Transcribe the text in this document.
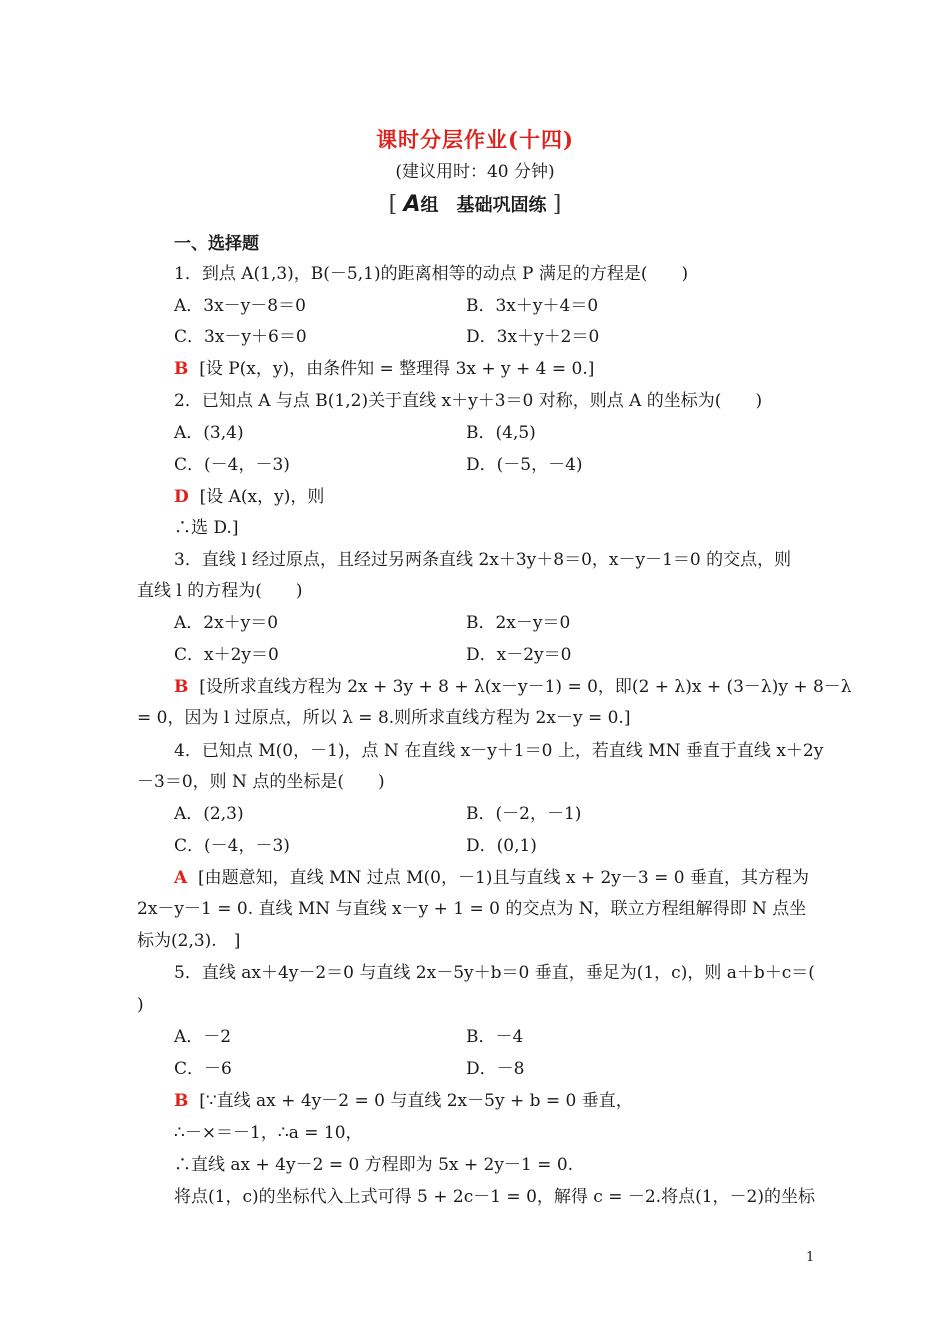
课时分层作业(十四)
(建议用时：40 分钟)
[ A组　基础巩固练 ]
一、选择题
1．到点 A(1,3)，B(－5,1)的距离相等的动点 P 满足的方程是(　　)
A．3x－y－8＝0	B．3x＋y＋4＝0
C．3x－y＋6＝0	D．3x＋y＋2＝0
B [设 P(x，y)，由条件知 = 整理得 3x + y + 4 = 0.]
2．已知点 A 与点 B(1,2)关于直线 x＋y＋3＝0 对称，则点 A 的坐标为(　　)
A．(3,4)	B．(4,5)
C．(－4，－3)	D．(－5，－4)
D [设 A(x，y)，则
∴选 D.]
3．直线 l 经过原点，且经过另两条直线 2x＋3y＋8＝0，x－y－1＝0 的交点，则
直线 l 的方程为(　　)
A．2x＋y＝0	B．2x－y＝0
C．x＋2y＝0	D．x－2y＝0
B [设所求直线方程为 2x + 3y + 8 + λ(x－y－1) = 0，即(2 + λ)x + (3－λ)y + 8－λ
= 0，因为 l 过原点，所以 λ = 8.则所求直线方程为 2x－y = 0.]
4．已知点 M(0，－1)，点 N 在直线 x－y＋1＝0 上，若直线 MN 垂直于直线 x＋2y
－3＝0，则 N 点的坐标是(　　)
A．(2,3)	B．(－2，－1)
C．(－4，－3)	D．(0,1)
A [由题意知，直线 MN 过点 M(0，－1)且与直线 x + 2y－3 = 0 垂直，其方程为
2x－y－1 = 0. 直线 MN 与直线 x－y + 1 = 0 的交点为 N，联立方程组解得即 N 点坐
标为(2,3).　]
5．直线 ax＋4y－2＝0 与直线 2x－5y＋b＝0 垂直，垂足为(1，c)，则 a＋b＋c＝(
)
A．－2	B．－4
C．－6	D．－8
B [∵直线 ax + 4y－2 = 0 与直线 2x－5y + b = 0 垂直，
∴－×＝－1，∴a = 10，
∴直线 ax + 4y－2 = 0 方程即为 5x + 2y－1 = 0.
将点(1，c)的坐标代入上式可得 5 + 2c－1 = 0，解得 c = －2.将点(1，－2)的坐标
1
